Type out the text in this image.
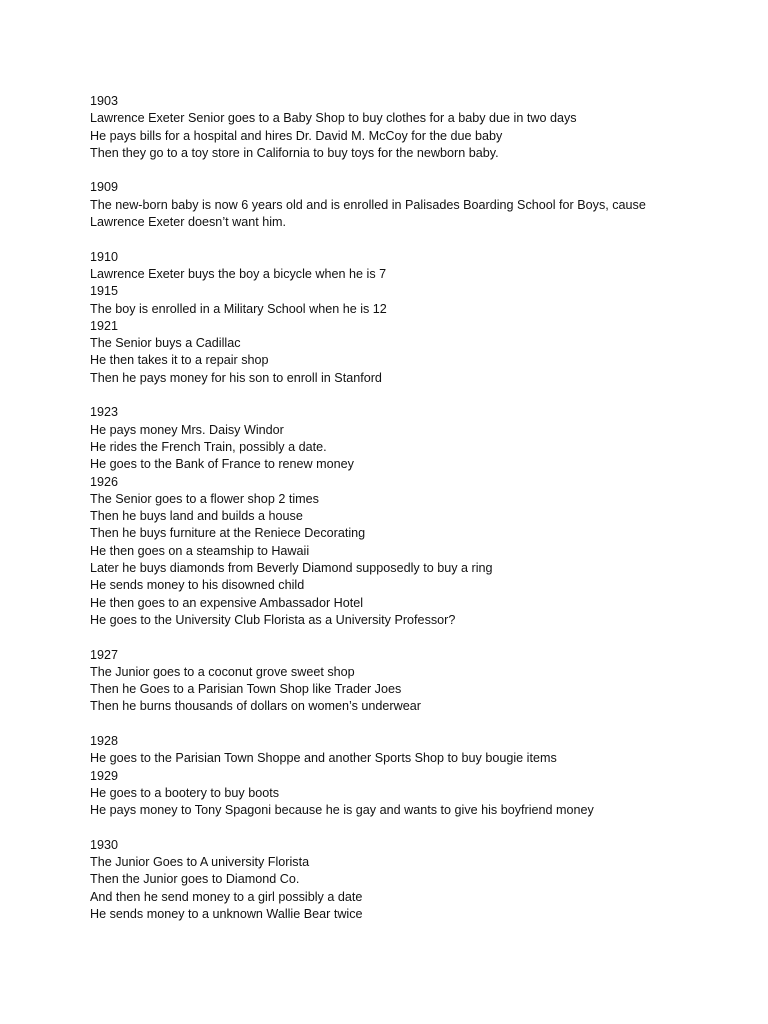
1903
Lawrence Exeter Senior goes to a Baby Shop to buy clothes for a baby due in two days
He pays bills for a hospital and hires Dr. David M. McCoy for the due baby
Then they go to a toy store in California to buy toys for the newborn baby.
1909
The new-born baby is now 6 years old and is enrolled in Palisades Boarding School for Boys, cause
Lawrence Exeter doesn’t want him.
1910
Lawrence Exeter buys the boy a bicycle when he is 7
1915
The boy is enrolled in a Military School when he is 12
1921
The Senior buys a Cadillac
He then takes it to a repair shop
Then he pays money for his son to enroll in Stanford
1923
He pays money Mrs. Daisy Windor
He rides the French Train, possibly a date.
He goes to the Bank of France to renew money
1926
The Senior goes to a flower shop 2 times
Then he buys land and builds a house
Then he buys furniture at the Reniece Decorating
He then goes on a steamship to Hawaii
Later he buys diamonds from Beverly Diamond supposedly to buy a ring
He sends money to his disowned child
He then goes to an expensive Ambassador Hotel
He goes to the University Club Florista as a University Professor?
1927
The Junior goes to a coconut grove sweet shop
Then he Goes to a Parisian Town Shop like Trader Joes
Then he burns thousands of dollars on women’s underwear
1928
He goes to the Parisian Town Shoppe and another Sports Shop to buy bougie items
1929
He goes to a bootery to buy boots
He pays money to Tony Spagoni because he is gay and wants to give his boyfriend money
1930
The Junior Goes to A university Florista
Then the Junior goes to Diamond Co.
And then he send money to a girl possibly a date
He sends money to a unknown Wallie Bear twice
